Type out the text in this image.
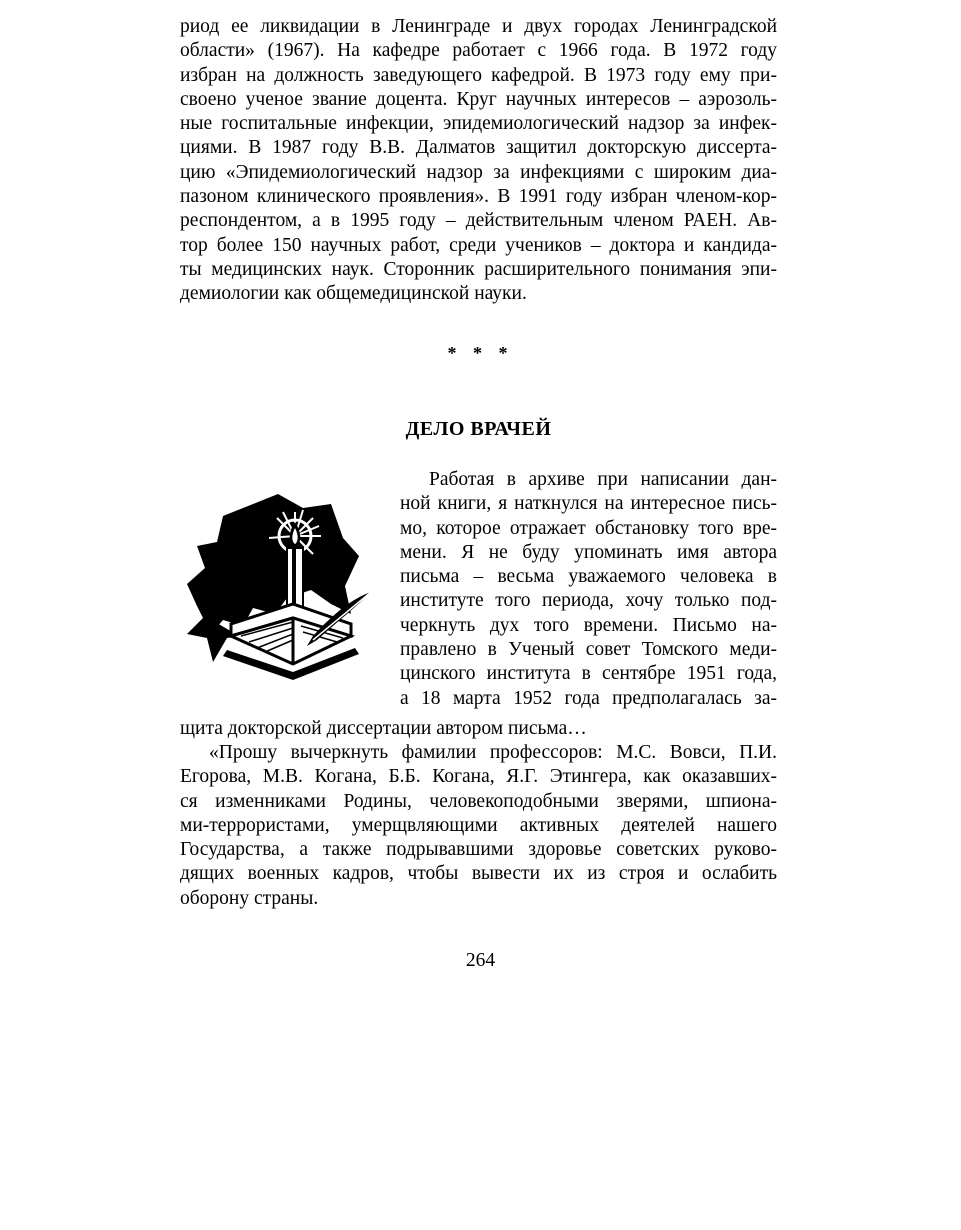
риод ее ликвидации в Ленинграде и двух городах Ленинградской
области» (1967). На кафедре работает с 1966 года. В 1972 году
избран на должность заведующего кафедрой. В 1973 году ему при-
своено ученое звание доцента. Круг научных интересов – аэрозоль-
ные госпитальные инфекции, эпидемиологический надзор за инфек-
циями. В 1987 году В.В. Далматов защитил докторскую диссерта-
цию «Эпидемиологический надзор за инфекциями с широким диа-
пазоном клинического проявления». В 1991 году избран членом-кор-
респондентом, а в 1995 году – действительным членом РАЕН. Ав-
тор более 150 научных работ, среди учеников – доктора и кандида-
ты медицинских наук. Сторонник расширительного понимания эпи-
демиологии как общемедицинской науки.
* * *
ДЕЛО ВРАЧЕЙ
Работая в архиве при написании дан-
ной книги, я наткнулся на интересное пись-
мо, которое отражает обстановку того вре-
мени. Я не буду упоминать имя автора
письма – весьма уважаемого человека в
институте того периода, хочу только под-
черкнуть дух того времени. Письмо на-
правлено в Ученый совет Томского меди-
цинского института в сентябре 1951 года,
а 18 марта 1952 года предполагалась за-
щита докторской диссертации автором письма…
«Прошу вычеркнуть фамилии профессоров: М.С. Вовси, П.И.
Егорова, М.В. Когана, Б.Б. Когана, Я.Г. Этингера, как оказавших-
ся изменниками Родины, человекоподобными зверями, шпиона-
ми-террористами, умерщвляющими активных деятелей нашего
Государства, а также подрывавшими здоровье советских руково-
дящих военных кадров, чтобы вывести их из строя и ослабить
оборону страны.
264
